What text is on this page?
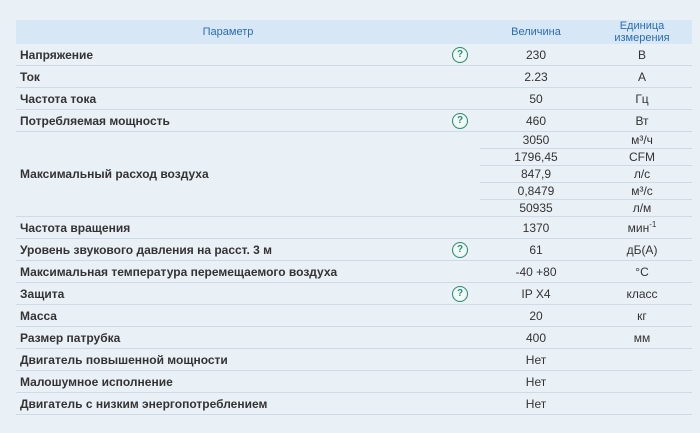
Параметр		Величина	Единица измерения
Напряжение	?	230	В
Ток		2.23	А
Частота тока		50	Гц
Потребляемая мощность	?	460	Вт
Максимальный расход воздуха		3050	м³/ч
		1796,45	CFM
		847,9	л/с
		0,8479	м³/с
		50935	л/м
Частота вращения		1370	мин$^{-1}$
Уровень звукового давления на расст. 3 м	?	61	дБ(А)
Максимальная температура перемещаемого воздуха		-40 +80	°C
Защита	?	IP X4	класс
Масса		20	кг
Размер патрубка		400	мм
Двигатель повышенной мощности		Нет	
Малошумное исполнение		Нет	
Двигатель с низким энергопотреблением		Нет	
